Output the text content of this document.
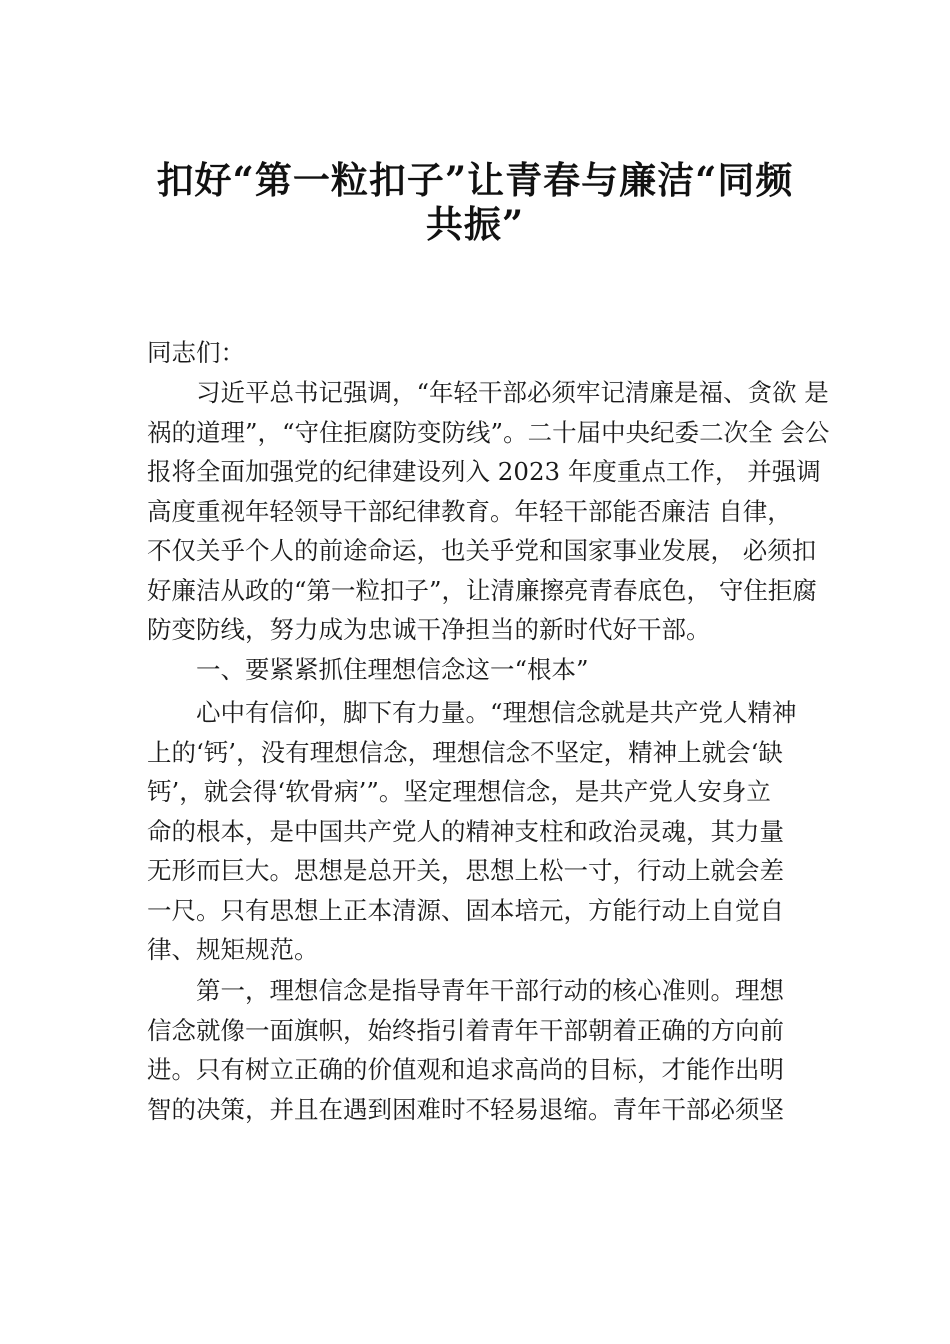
扣好“第一粒扣子”让青春与廉洁“同频
共振”
同志们：
习近平总书记强调，“年轻干部必须牢记清廉是福、贪欲 是
祸的道理”，“守住拒腐防变防线”。二十届中央纪委二次全 会公
报将全面加强党的纪律建设列入 2023 年度重点工作， 并强调
高度重视年轻领导干部纪律教育。年轻干部能否廉洁 自律，
不仅关乎个人的前途命运，也关乎党和国家事业发展， 必须扣
好廉洁从政的“第一粒扣子”，让清廉擦亮青春底色， 守住拒腐
防变防线，努力成为忠诚干净担当的新时代好干部。
一、要紧紧抓住理想信念这一“根本”
心中有信仰，脚下有力量。“理想信念就是共产党人精神
上的‘钙’，没有理想信念，理想信念不坚定，精神上就会‘缺
钙’，就会得‘软骨病’”。坚定理想信念，是共产党人安身立
命的根本，是中国共产党人的精神支柱和政治灵魂，其力量
无形而巨大。思想是总开关，思想上松一寸，行动上就会差
一尺。只有思想上正本清源、固本培元，方能行动上自觉自
律、规矩规范。
第一，理想信念是指导青年干部行动的核心准则。理想
信念就像一面旗帜，始终指引着青年干部朝着正确的方向前
进。只有树立正确的价值观和追求高尚的目标，才能作出明
智的决策，并且在遇到困难时不轻易退缩。青年干部必须坚
